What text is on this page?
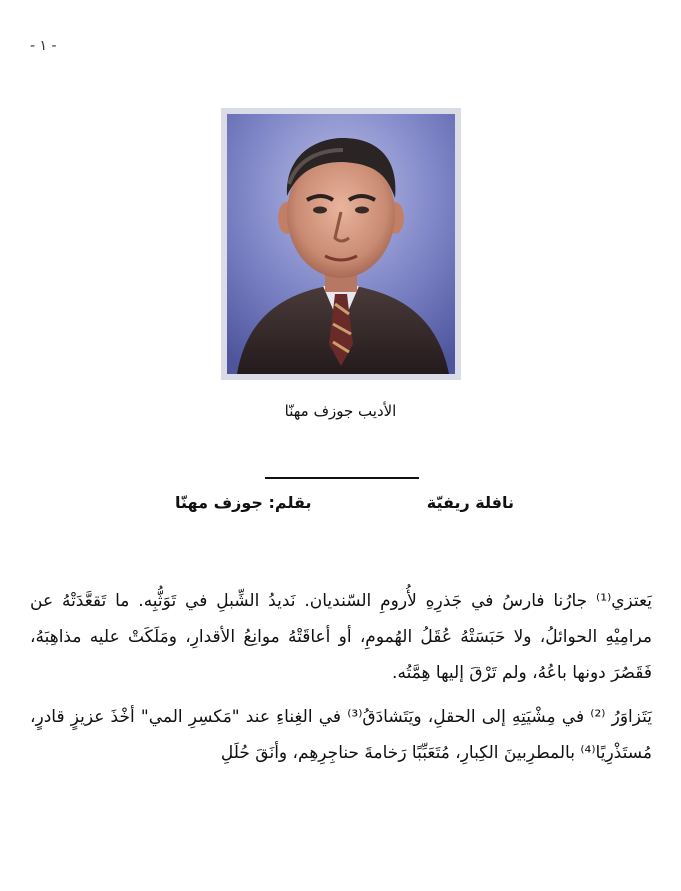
- ١ -
الأديب جوزف مهنّا
نافلة ريفيّة
بقلم: جوزف مهنّا

يَعتزي⁽¹⁾ جارُنا فارسُ في جَذرِهِ لأُرومِ السّنديان. نَديدُ الشِّبلِ في تَوَثُّبِه. ما تَقعَّدَتْهُ عن مرامِيْهِ الحوائلُ، ولا حَبَسَتْهُ عُقَلُ الهُمومِ، أو أعاقَتْهُ موانِعُ الأقدارِ، ومَلَكَتْ عليه مذاهِبَهُ، فَقَصُرَ دونها باعُهُ، ولم تَرْقَ إليها هِمَّتُه.

يَتَزاوَرُ ⁽²⁾ في مِشْيَتِهِ إلى الحقلِ، ويَتَشادَقُ⁽³⁾ في الغِناءِ عند "مَكسِرِ المي" أخْذَ عزيزٍ قادرٍ، مُستَذْرِيًا⁽⁴⁾ بالمطرِبينَ الكِبارِ، مُتَعَبِّبًا رَخامةَ حناجِرِهِم، وأنَقَ حُلَلِ
